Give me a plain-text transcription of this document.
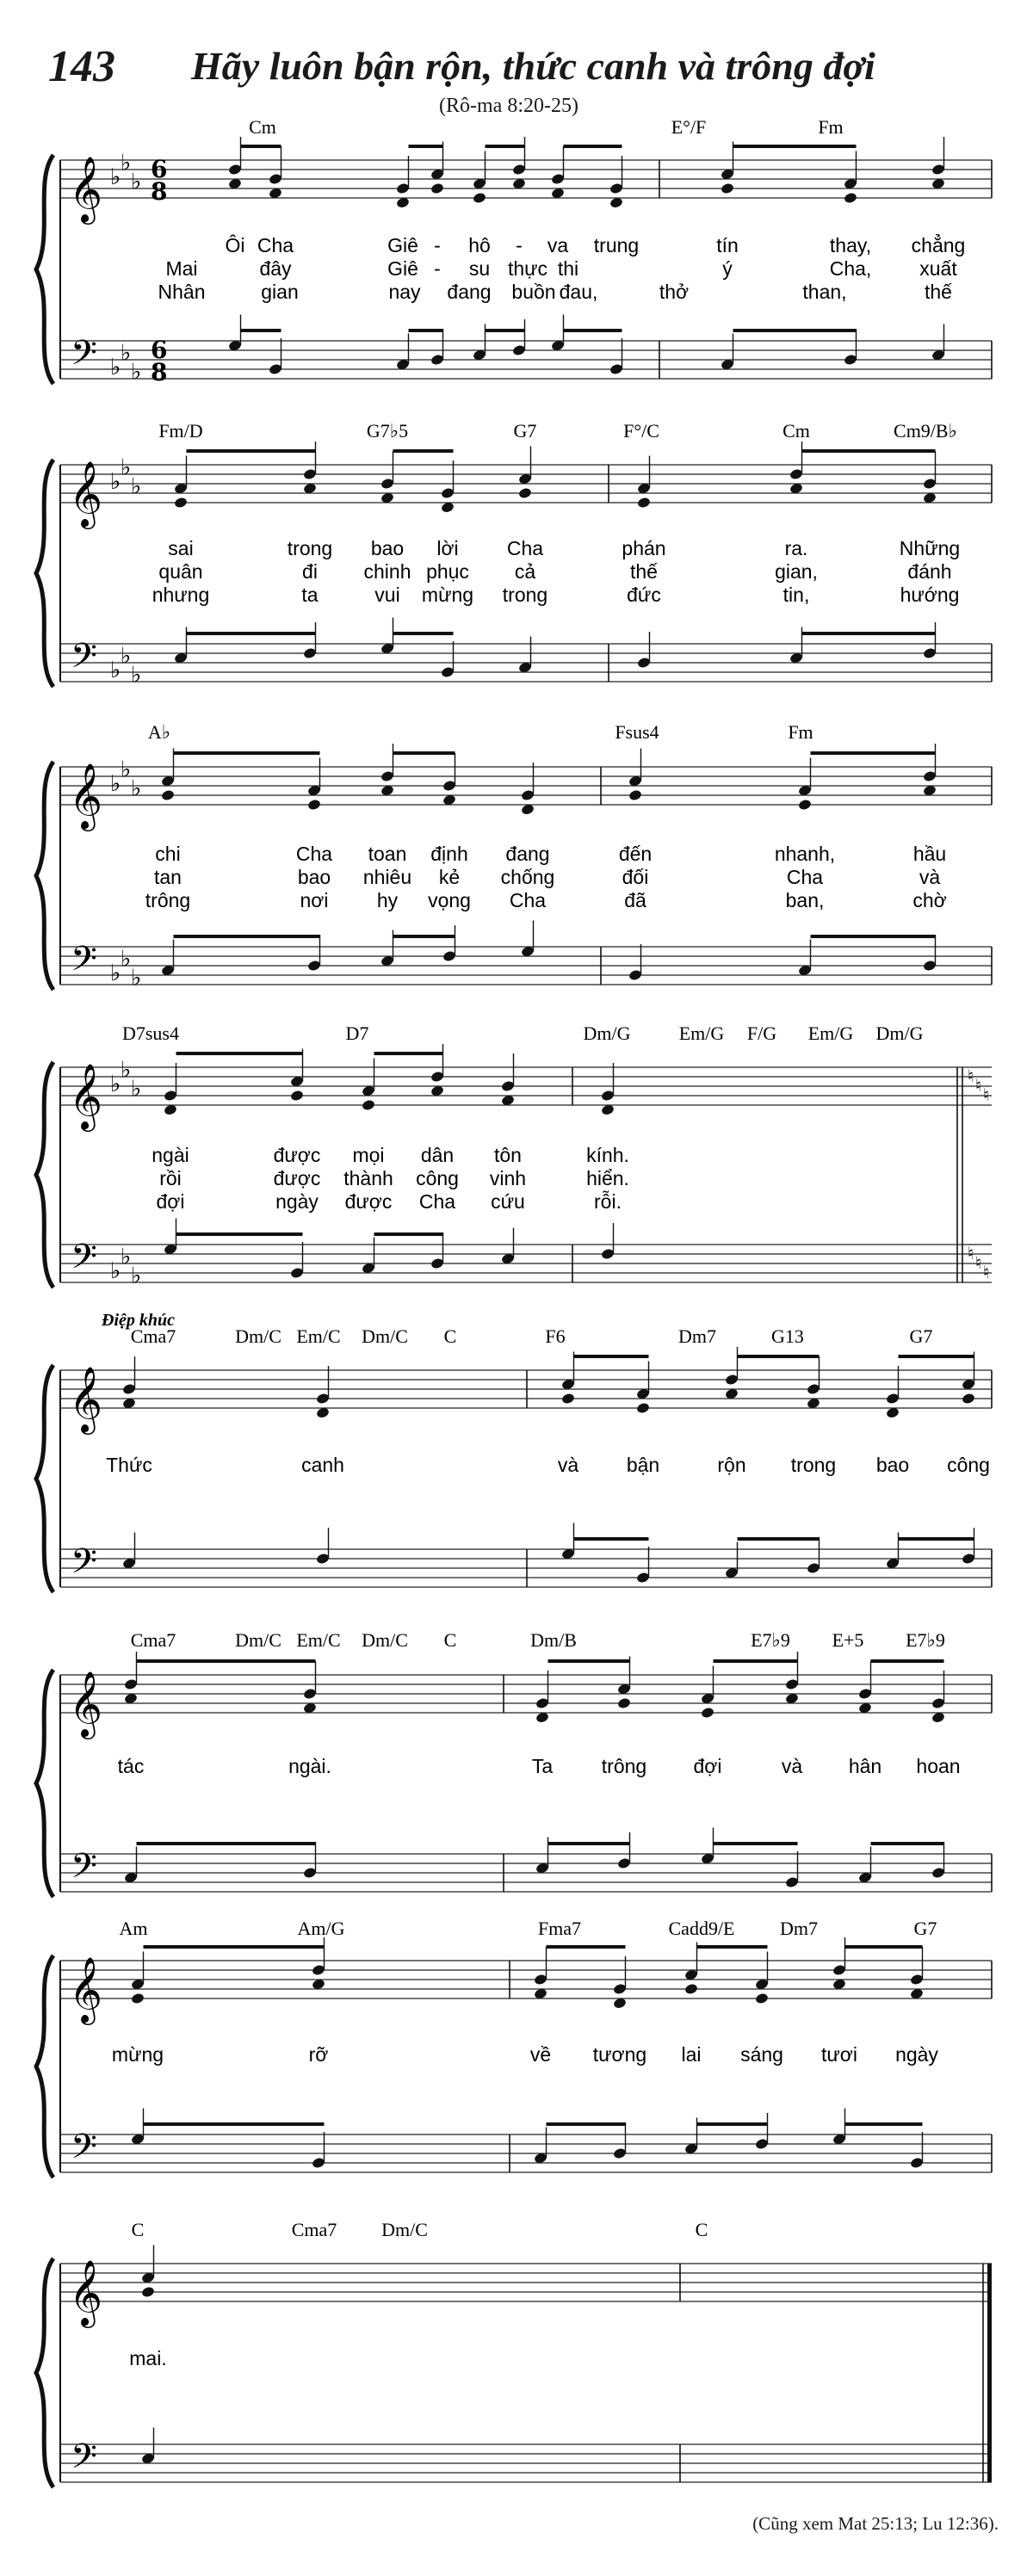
143 Hãy luôn bận rộn, thức canh và trông đợi
(Rô-ma 8:20-25)
𝄞
𝄢
♭
♭
♭
♭
♭
♭
6
8
6
8
Cm	E°/F	Fm
Ôi Cha	Giê - hô - va trung	tín	thay, chẳng
Mai	đây	Giê - su thực thi	ý	Cha, xuất
Nhân	gian	nay đang buồn đau,	thở	than,	thế
𝄞
𝄢
♭
♭
♭
♭
♭
♭
Fm/D	G7♭5	G7	F°/C	Cm	Cm9/B♭
sai	trong bao lời Cha	phán	ra.	Những
quân	đi chinh phục cả	thế	gian,	đánh
nhưng	ta	vui mừng trong	đức	tin,	hướng
𝄞
𝄢
♭
♭
♭
♭
♭
♭
A♭	Fsus4	Fm
chi	Cha toan định đang	đến	nhanh,	hầu
tan	bao nhiêu kẻ chống	đối	Cha	và
trông	nơi hy vọng Cha	đã	ban,	chờ
𝄞
𝄢
♭
♭
♭
♭
♭
♭
♮ ♮ ♮
♮ ♮ ♮
D7sus4	D7	Dm/G	Em/G F/G Em/G Dm/G
ngài	được mọi dân tôn	kính.
rồi	được thành công vinh	hiển.
đợi	ngày được Cha cứu	rỗi.
𝄞
𝄢
Điệp khúc
Cma7	Dm/C Em/C Dm/C C	F6	Dm7	G13	G7
Thức	canh	và bận	rộn trong bao công
𝄞
𝄢
Cma7	Dm/C Em/C Dm/C C	Dm/B	E7♭9 E+5 E7♭9
tác	ngài.	Ta trông đợi	và hân hoan
𝄞
𝄢
Am	Am/G	Fma7	Cadd9/E Dm7	G7
mừng	rỡ	về tương lai sáng tươi ngày
𝄞
𝄢
C	Cma7 Dm/C	C
mai.
(Cũng xem Mat 25:13; Lu 12:36).
